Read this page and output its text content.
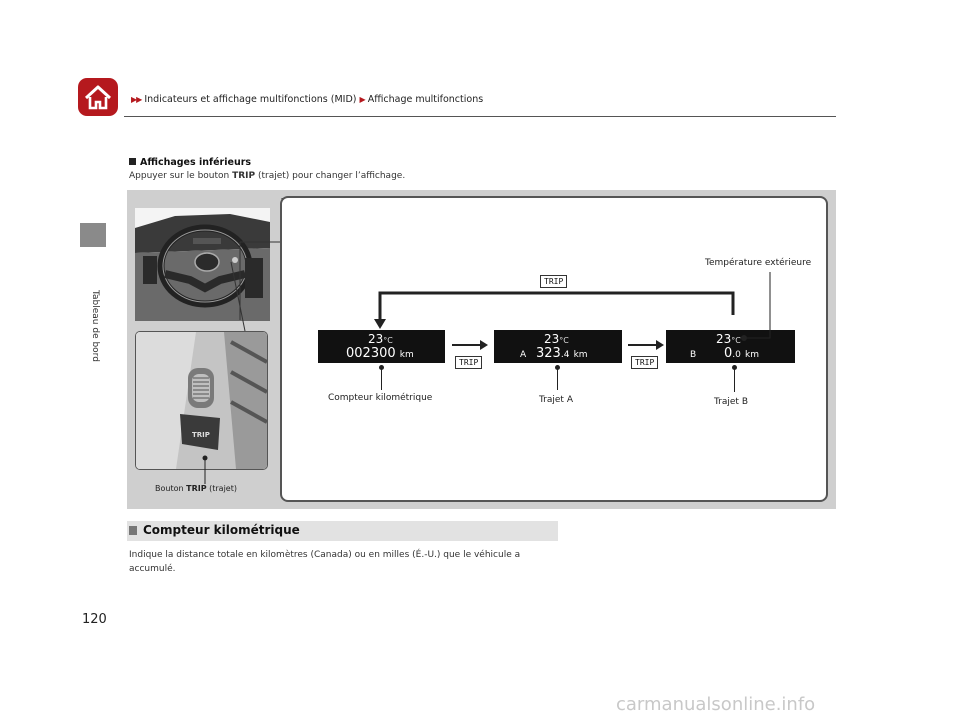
▶▶ Indicateurs et affichage multifonctions (MID) ▶ Affichage multifonctions
Tableau de bord
Affichages inférieurs
Appuyer sur le bouton TRIP (trajet) pour changer l’affichage.
TRIP
TRIP
23°C
002300 km
23°C
A 323.4 km
23°C
B 0.0 km
TRIP	TRIP
Température extérieure
Compteur kilométrique	Trajet A	Trajet B
Bouton TRIP (trajet)
Compteur kilométrique
Indique la distance totale en kilomètres (Canada) ou en milles (É.-U.) que le véhicule a accumulé.
120
carmanualsonline.info
